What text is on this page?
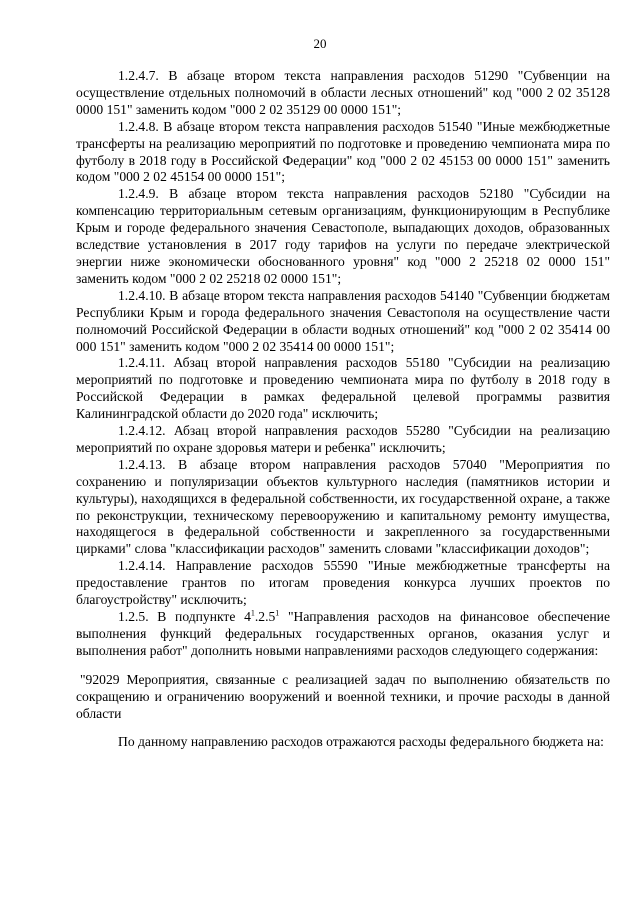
20

1.2.4.7. В абзаце втором текста направления расходов 51290 "Субвенции на осуществление отдельных полномочий в области лесных отношений" код "000 2 02 35128 0000 151" заменить кодом "000 2 02 35129 00 0000 151";

1.2.4.8. В абзаце втором текста направления расходов 51540 "Иные межбюджетные трансферты на реализацию мероприятий по подготовке и проведению чемпионата мира по футболу в 2018 году в Российской Федерации" код "000 2 02 45153 00 0000 151" заменить кодом "000 2 02 45154 00 0000 151";

1.2.4.9. В абзаце втором текста направления расходов 52180 "Субсидии на компенсацию территориальным сетевым организациям, функционирующим в Республике Крым и городе федерального значения Севастополе, выпадающих доходов, образованных вследствие установления в 2017 году тарифов на услуги по передаче электрической энергии ниже экономически обоснованного уровня" код "000 2 25218 02 0000 151" заменить кодом "000 2 02 25218 02 0000 151";

1.2.4.10. В абзаце втором текста направления расходов 54140 "Субвенции бюджетам Республики Крым и города федерального значения Севастополя на осуществление части полномочий Российской Федерации в области водных отношений" код "000 2 02 35414 00 000 151" заменить кодом "000 2 02 35414 00 0000 151";

1.2.4.11. Абзац второй направления расходов 55180 "Субсидии на реализацию мероприятий по подготовке и проведению чемпионата мира по футболу в 2018 году в Российской Федерации в рамках федеральной целевой программы развития Калининградской области до 2020 года" исключить;

1.2.4.12. Абзац второй направления расходов 55280 "Субсидии на реализацию мероприятий по охране здоровья матери и ребенка" исключить;

1.2.4.13. В абзаце втором направления расходов 57040 "Мероприятия по сохранению и популяризации объектов культурного наследия (памятников истории и культуры), находящихся в федеральной собственности, их государственной охране, а также по реконструкции, техническому перевооружению и капитальному ремонту имущества, находящегося в федеральной собственности и закрепленного за государственными цирками" слова "классификации расходов" заменить словами "классификации доходов";

1.2.4.14. Направление расходов 55590 "Иные межбюджетные трансферты на предоставление грантов по итогам проведения конкурса лучших проектов по благоустройству" исключить;

1.2.5. В подпункте $4^1.2.5^1$ "Направления расходов на финансовое обеспечение выполнения функций федеральных государственных органов, оказания услуг и выполнения работ" дополнить новыми направлениями расходов следующего содержания:

"92029 Мероприятия, связанные с реализацией задач по выполнению обязательств по сокращению и ограничению вооружений и военной техники, и прочие расходы в данной области

По данному направлению расходов отражаются расходы федерального бюджета на:
